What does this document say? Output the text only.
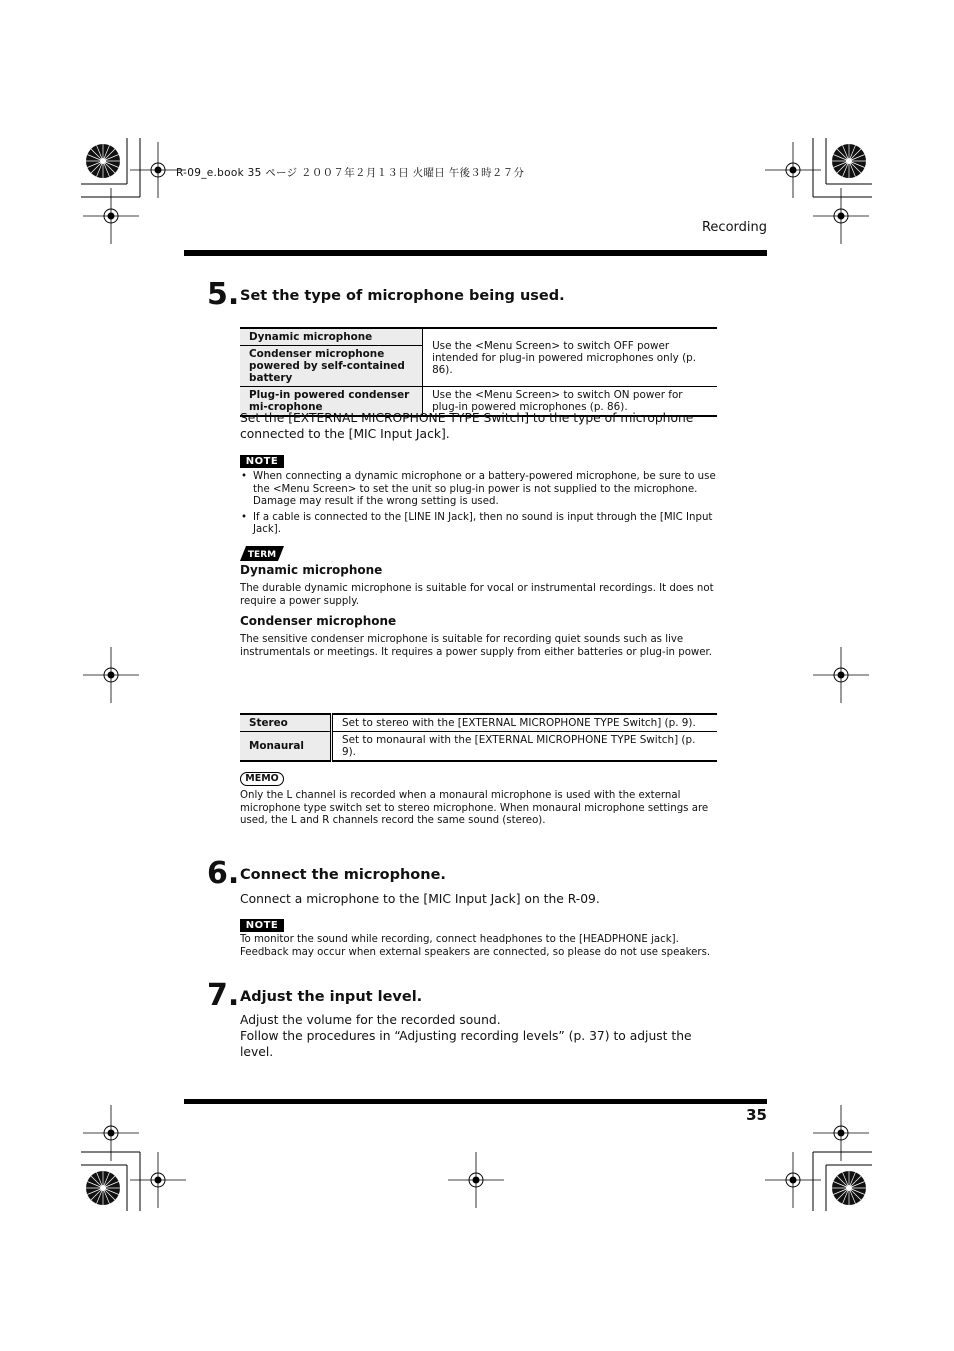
R-09_e.book 35 ページ ２００７年２月１３日 火曜日 午後３時２７分
Recording
5. Set the type of microphone being used.
Dynamic microphone	Use the <Menu Screen> to switch OFF power intended for plug-in powered microphones only (p. 86).
Condenser microphone powered by self-contained battery	
Plug-in powered condenser mi-crophone	Use the <Menu Screen> to switch ON power for plug-in powered microphones (p. 86).
Set the [EXTERNAL MICROPHONE TYPE Switch] to the type of microphone connected to the [MIC Input Jack].
NOTE
• When connecting a dynamic microphone or a battery-powered microphone, be sure to use the <Menu Screen> to set the unit so plug-in power is not supplied to the microphone. Damage may result if the wrong setting is used.
• If a cable is connected to the [LINE IN Jack], then no sound is input through the [MIC Input Jack].
TERM
Dynamic microphone
The durable dynamic microphone is suitable for vocal or instrumental recordings. It does not require a power supply.
Condenser microphone
The sensitive condenser microphone is suitable for recording quiet sounds such as live instrumentals or meetings. It requires a power supply from either batteries or plug-in power.
Stereo	Set to stereo with the [EXTERNAL MICROPHONE TYPE Switch] (p. 9).
Monaural	Set to monaural with the [EXTERNAL MICROPHONE TYPE Switch] (p. 9).
MEMO
Only the L channel is recorded when a monaural microphone is used with the external microphone type switch set to stereo microphone. When monaural microphone settings are used, the L and R channels record the same sound (stereo).
6. Connect the microphone.
Connect a microphone to the [MIC Input Jack] on the R-09.
NOTE
To monitor the sound while recording, connect headphones to the [HEADPHONE jack]. Feedback may occur when external speakers are connected, so please do not use speakers.
7. Adjust the input level.
Adjust the volume for the recorded sound.
Follow the procedures in “Adjusting recording levels” (p. 37) to adjust the level.
35
